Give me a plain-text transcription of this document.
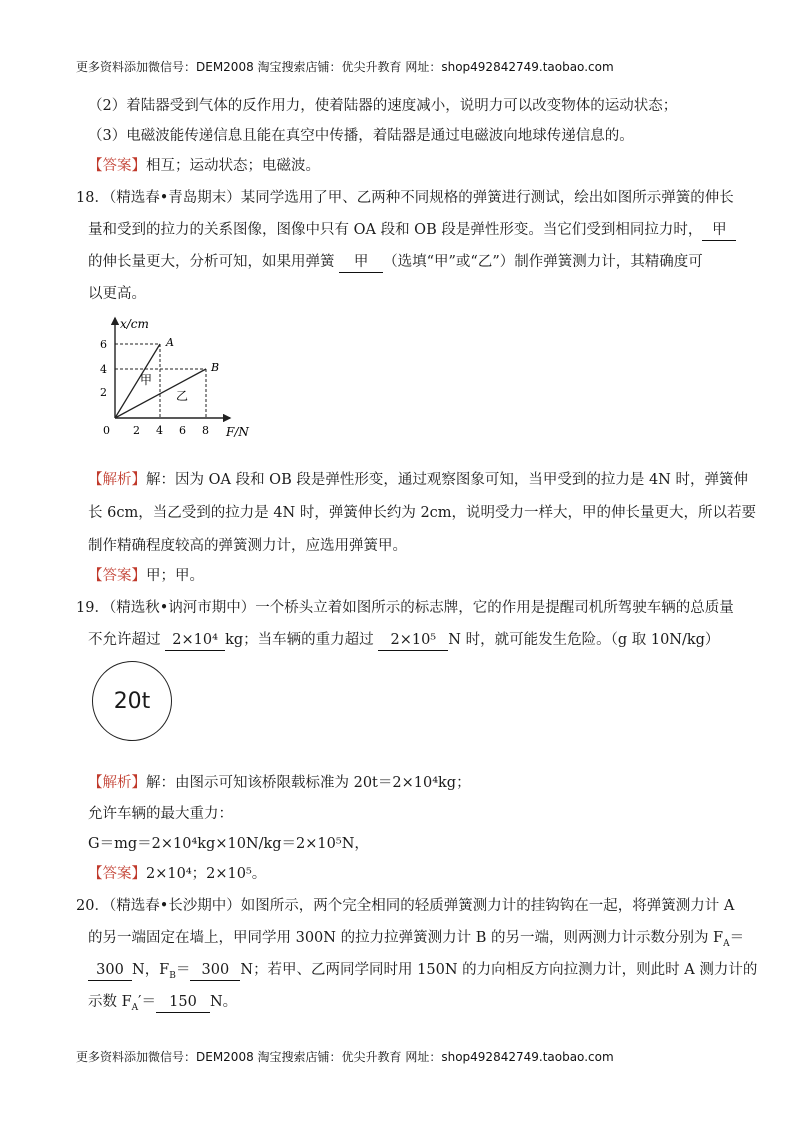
更多资料添加微信号：DEM2008 淘宝搜索店铺：优尖升教育 网址：shop492842749.taobao.com
（2）着陆器受到气体的反作用力，使着陆器的速度减小，说明力可以改变物体的运动状态；
（3）电磁波能传递信息且能在真空中传播，着陆器是通过电磁波向地球传递信息的。
【答案】相互；运动状态；电磁波。
18．（精选春•青岛期末）某同学选用了甲、乙两种不同规格的弹簧进行测试，绘出如图所示弹簧的伸长
量和受到的拉力的关系图像，图像中只有 OA 段和 OB 段是弹性形变。当它们受到相同拉力时， 甲
的伸长量更大，分析可知，如果用弹簧 甲 （选填“甲”或“乙”）制作弹簧测力计，其精确度可
以更高。
x/cm
F/N
6
4
2
0 2 4 6 8
A
B
甲
乙
【解析】解：因为 OA 段和 OB 段是弹性形变，通过观察图象可知，当甲受到的拉力是 4N 时，弹簧伸
长 6cm，当乙受到的拉力是 4N 时，弹簧伸长约为 2cm，说明受力一样大，甲的伸长量更大，所以若要
制作精确程度较高的弹簧测力计，应选用弹簧甲。
【答案】甲；甲。
19．（精选秋•讷河市期中）一个桥头立着如图所示的标志牌，它的作用是提醒司机所驾驶车辆的总质量
不允许超过 2×10⁴ kg；当车辆的重力超过 2×10⁵ N 时，就可能发生危险。（g 取 10N/kg）
20t
【解析】解：由图示可知该桥限载标准为 20t＝2×10⁴kg；
允许车辆的最大重力：
G＝mg＝2×10⁴kg×10N/kg＝2×10⁵N，
【答案】2×10⁴；2×10⁵。
20．（精选春•长沙期中）如图所示，两个完全相同的轻质弹簧测力计的挂钩钩在一起，将弹簧测力计 A
的另一端固定在墙上，甲同学用 300N 的拉力拉弹簧测力计 B 的另一端，则两测力计示数分别为 $F_A=$
300 N，$F_B= 300$ N；若甲、乙两同学同时用 150N 的力向相反方向拉测力计，则此时 A 测力计的
示数 $F_A'= 150$ N。
更多资料添加微信号：DEM2008 淘宝搜索店铺：优尖升教育 网址：shop492842749.taobao.com
